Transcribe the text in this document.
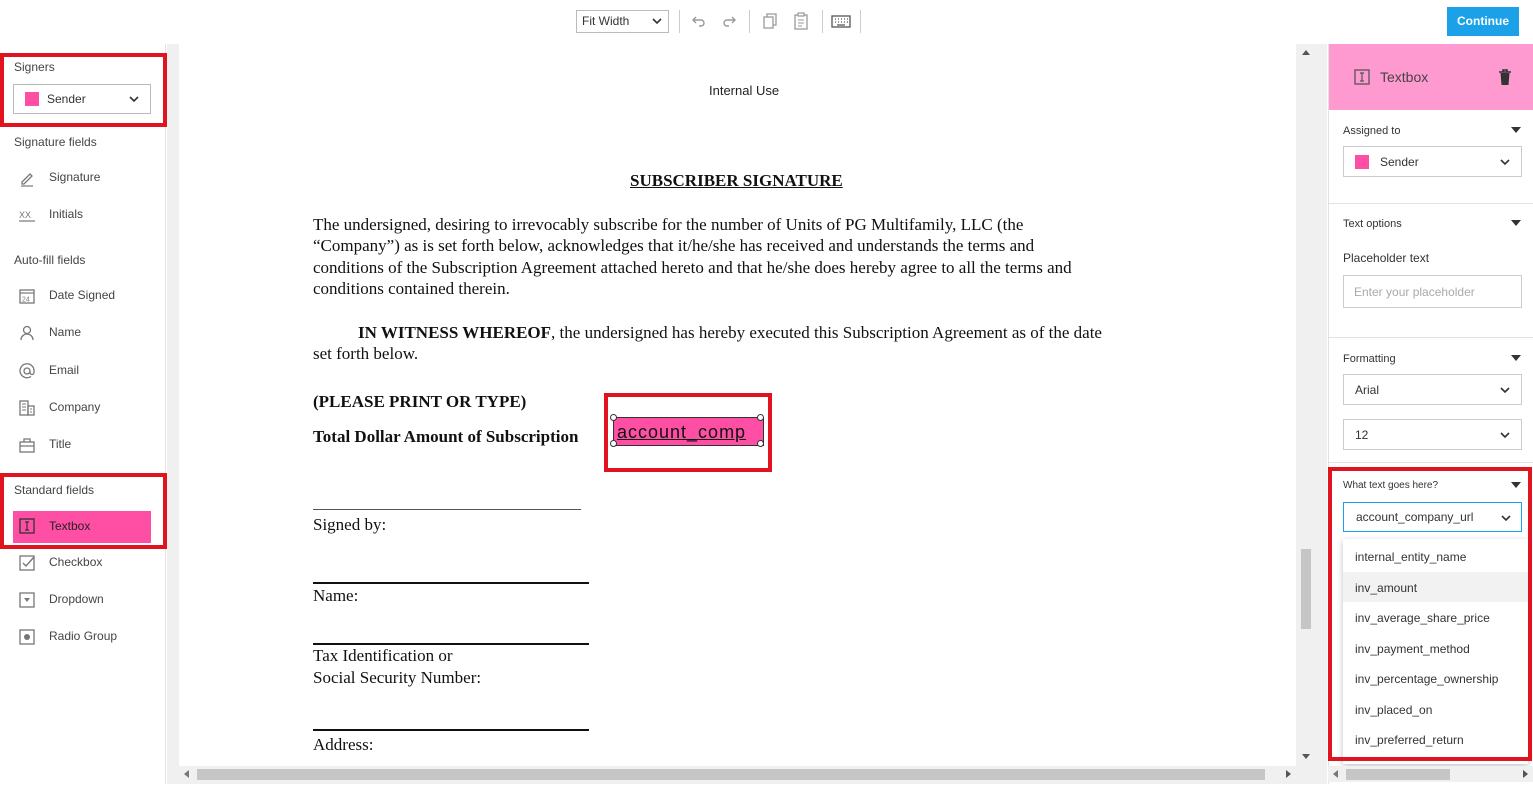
Fit Width	Continue
Signers
Sender
Signature fields
Signature
XX Initials
Auto-fill fields
24 Date Signed
Name
Email
Company
Title
Standard fields
Textbox
Checkbox
Dropdown
Radio Group
Internal Use
SUBSCRIBER SIGNATURE
The undersigned, desiring to irrevocably subscribe for the number of Units of PG Multifamily, LLC (the
“Company”) as is set forth below, acknowledges that it/he/she has received and understands the terms and
conditions of the Subscription Agreement attached hereto and that he/she does hereby agree to all the terms and
conditions contained therein.
IN WITNESS WHEREOF, the undersigned has hereby executed this Subscription Agreement as of the date
set forth below.
(PLEASE PRINT OR TYPE)
Total Dollar Amount of Subscription account_comp
Signed by:
Name:
Tax Identification or
Social Security Number:
Address:
Textbox
Assigned to
Sender
Text options
Placeholder text
Enter your placeholder
Formatting
Arial
12
What text goes here?
account_company_url
internal_entity_name
inv_amount
inv_average_share_price
inv_payment_method
inv_percentage_ownership
inv_placed_on
inv_preferred_return
